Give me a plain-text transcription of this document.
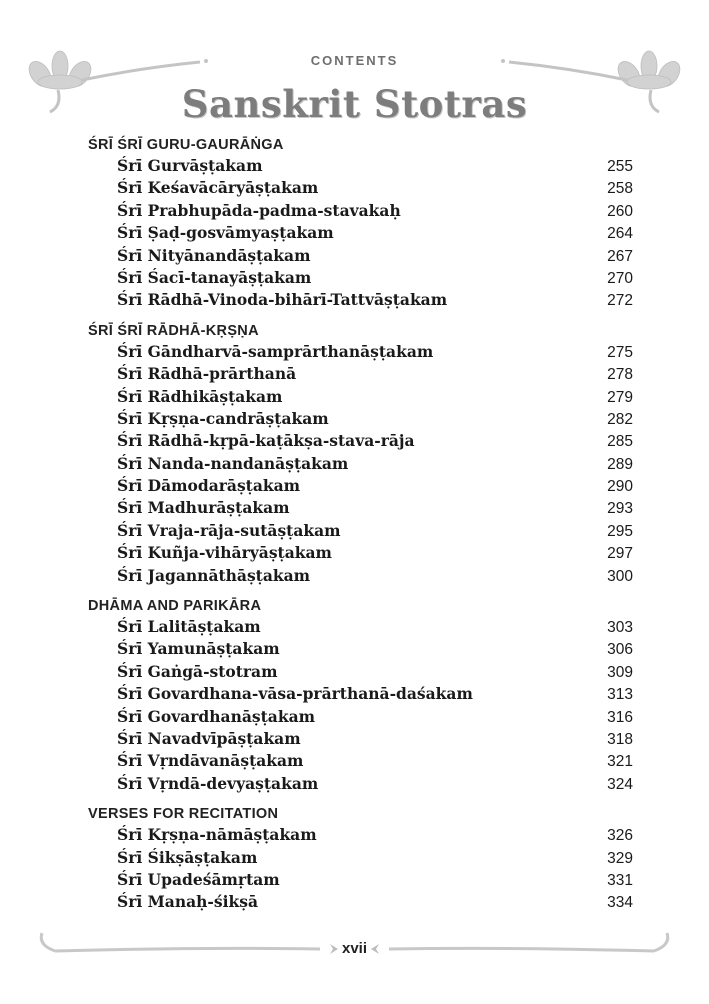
CONTENTS
Sanskrit Stotras
ŚRĪ ŚRĪ GURU-GAURĀṄGA
Śrī Gurvāṣṭakam	255
Śrī Keśavācāryāṣṭakam	258
Śrī Prabhupāda-padma-stavakaḥ	260
Śrī Ṣaḍ-gosvāmyaṣṭakam	264
Śrī Nityānandāṣṭakam	267
Śrī Śacī-tanayāṣṭakam	270
Śrī Rādhā-Vinoda-bihārī-Tattvāṣṭakam	272
ŚRĪ ŚRĪ RĀDHĀ-KṚṢṆA
Śrī Gāndharvā-samprārthanāṣṭakam	275
Śrī Rādhā-prārthanā	278
Śrī Rādhikāṣṭakam	279
Śrī Kṛṣṇa-candrāṣṭakam	282
Śrī Rādhā-kṛpā-kaṭākṣa-stava-rāja	285
Śrī Nanda-nandanāṣṭakam	289
Śrī Dāmodarāṣṭakam	290
Śrī Madhurāṣṭakam	293
Śrī Vraja-rāja-sutāṣṭakam	295
Śrī Kuñja-vihāryāṣṭakam	297
Śrī Jagannāthāṣṭakam	300
DHĀMA AND PARIKĀRA
Śrī Lalitāṣṭakam	303
Śrī Yamunāṣṭakam	306
Śrī Gaṅgā-stotram	309
Śrī Govardhana-vāsa-prārthanā-daśakam	313
Śrī Govardhanāṣṭakam	316
Śrī Navadvīpāṣṭakam	318
Śrī Vṛndāvanāṣṭakam	321
Śrī Vṛndā-devyaṣṭakam	324
VERSES FOR RECITATION
Śrī Kṛṣṇa-nāmāṣṭakam	326
Śrī Śikṣāṣṭakam	329
Śrī Upadeśāmṛtam	331
Śrī Manaḥ-śikṣā	334
xvii
